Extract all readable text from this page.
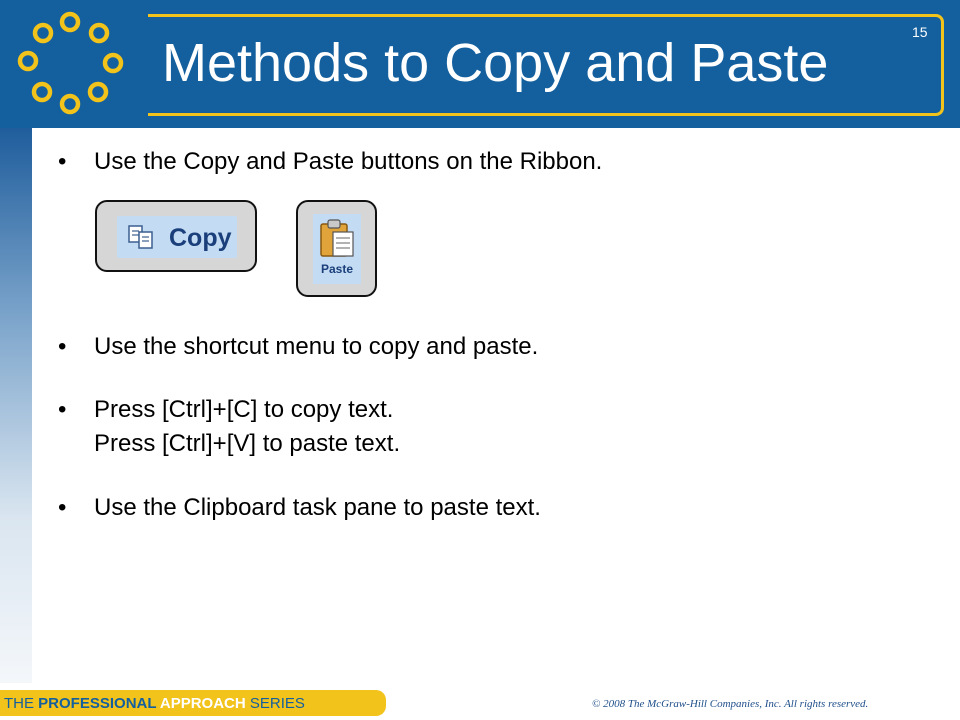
Methods to Copy and Paste
15
•	Use the Copy and Paste buttons on the Ribbon.
Copy
Paste
•	Use the shortcut menu to copy and paste.
•	Press [Ctrl]+[C] to copy text.
Press [Ctrl]+[V] to paste text.
•	Use the Clipboard task pane to paste text.
THE PROFESSIONAL APPROACH SERIES	© 2008 The McGraw-Hill Companies, Inc. All rights reserved.
